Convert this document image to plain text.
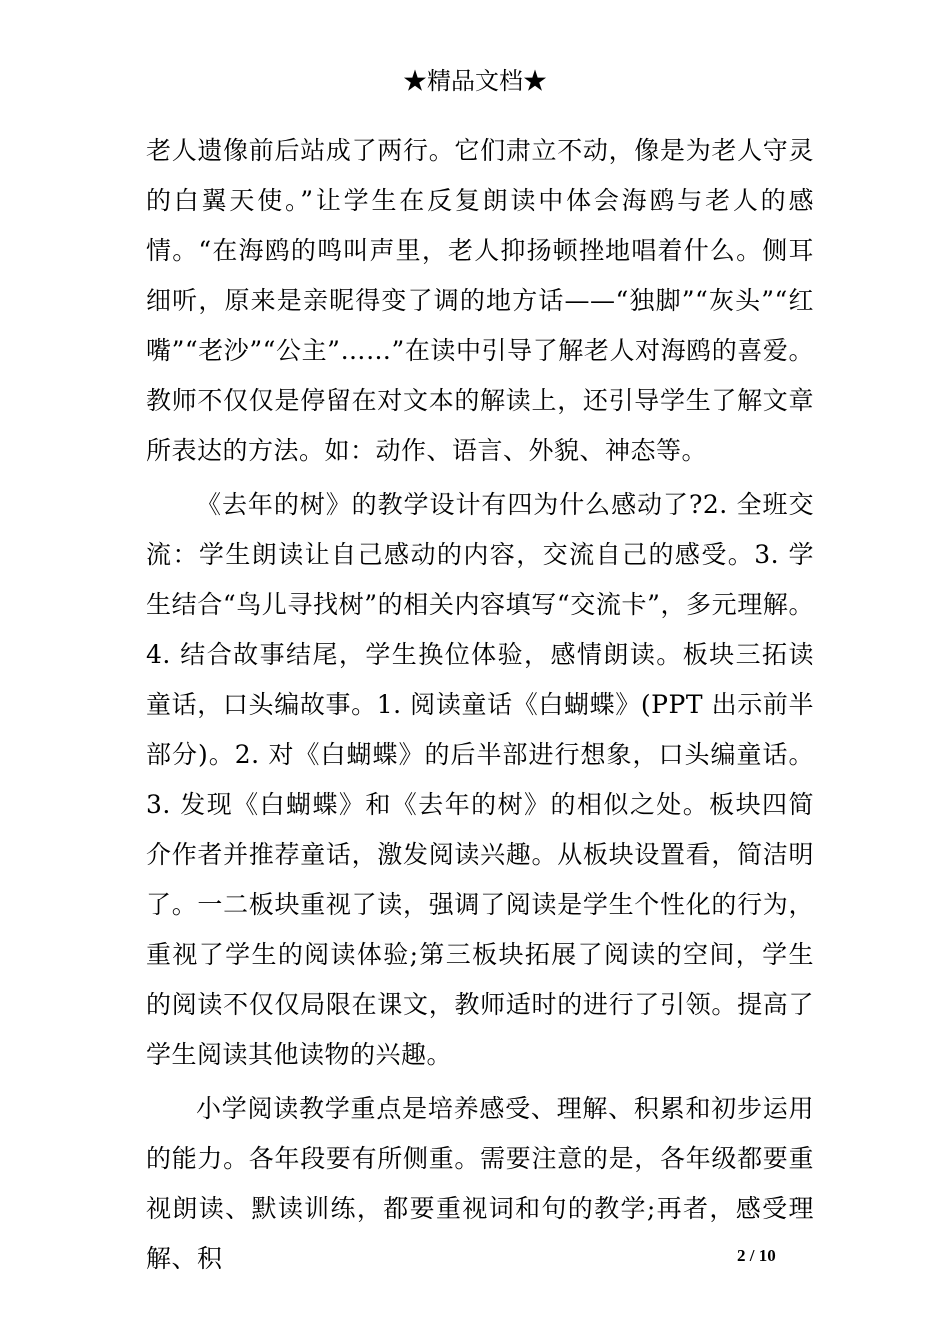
★精品文档★

老人遗像前后站成了两行。它们肃立不动，像是为老人守灵的白翼天使。”让学生在反复朗读中体会海鸥与老人的感情。“在海鸥的鸣叫声里，老人抑扬顿挫地唱着什么。侧耳细听，原来是亲昵得变了调的地方话——“独脚”“灰头”“红嘴”“老沙”“公主”……”在读中引导了解老人对海鸥的喜爱。教师不仅仅是停留在对文本的解读上，还引导学生了解文章所表达的方法。如：动作、语言、外貌、神态等。

《去年的树》的教学设计有四为什么感动了?2. 全班交流：学生朗读让自己感动的内容，交流自己的感受。3. 学生结合“鸟儿寻找树”的相关内容填写“交流卡”，多元理解。4. 结合故事结尾，学生换位体验，感情朗读。板块三拓读童话，口头编故事。1. 阅读童话《白蝴蝶》(PPT 出示前半部分)。2. 对《白蝴蝶》的后半部进行想象，口头编童话。3. 发现《白蝴蝶》和《去年的树》的相似之处。板块四简介作者并推荐童话，激发阅读兴趣。从板块设置看，简洁明了。一二板块重视了读，强调了阅读是学生个性化的行为，重视了学生的阅读体验;第三板块拓展了阅读的空间，学生的阅读不仅仅局限在课文，教师适时的进行了引领。提高了学生阅读其他读物的兴趣。

小学阅读教学重点是培养感受、理解、积累和初步运用的能力。各年段要有所侧重。需要注意的是，各年级都要重视朗读、默读训练，都要重视词和句的教学;再者，感受理解、积	2 / 10
